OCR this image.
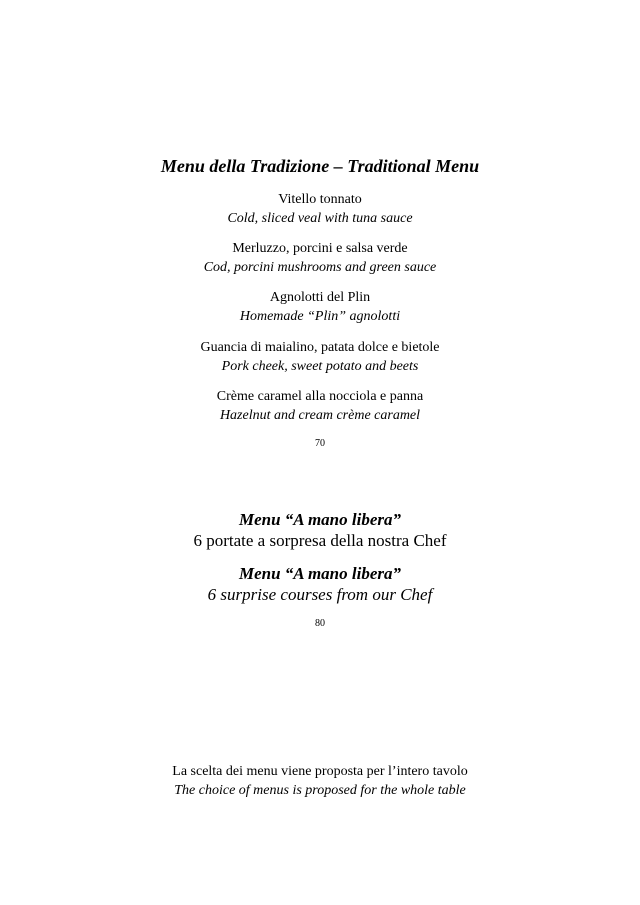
Menu della Tradizione – Traditional Menu
Vitello tonnato
Cold, sliced veal with tuna sauce
Merluzzo, porcini e salsa verde
Cod, porcini mushrooms and green sauce
Agnolotti del Plin
Homemade “Plin” agnolotti
Guancia di maialino, patata dolce e bietole
Pork cheek, sweet potato and beets
Crème caramel alla nocciola e panna
Hazelnut and cream crème caramel
70
Menu “A mano libera”
6 portate a sorpresa della nostra Chef
Menu “A mano libera”
6 surprise courses from our Chef
80
La scelta dei menu viene proposta per l’intero tavolo
The choice of menus is proposed for the whole table
